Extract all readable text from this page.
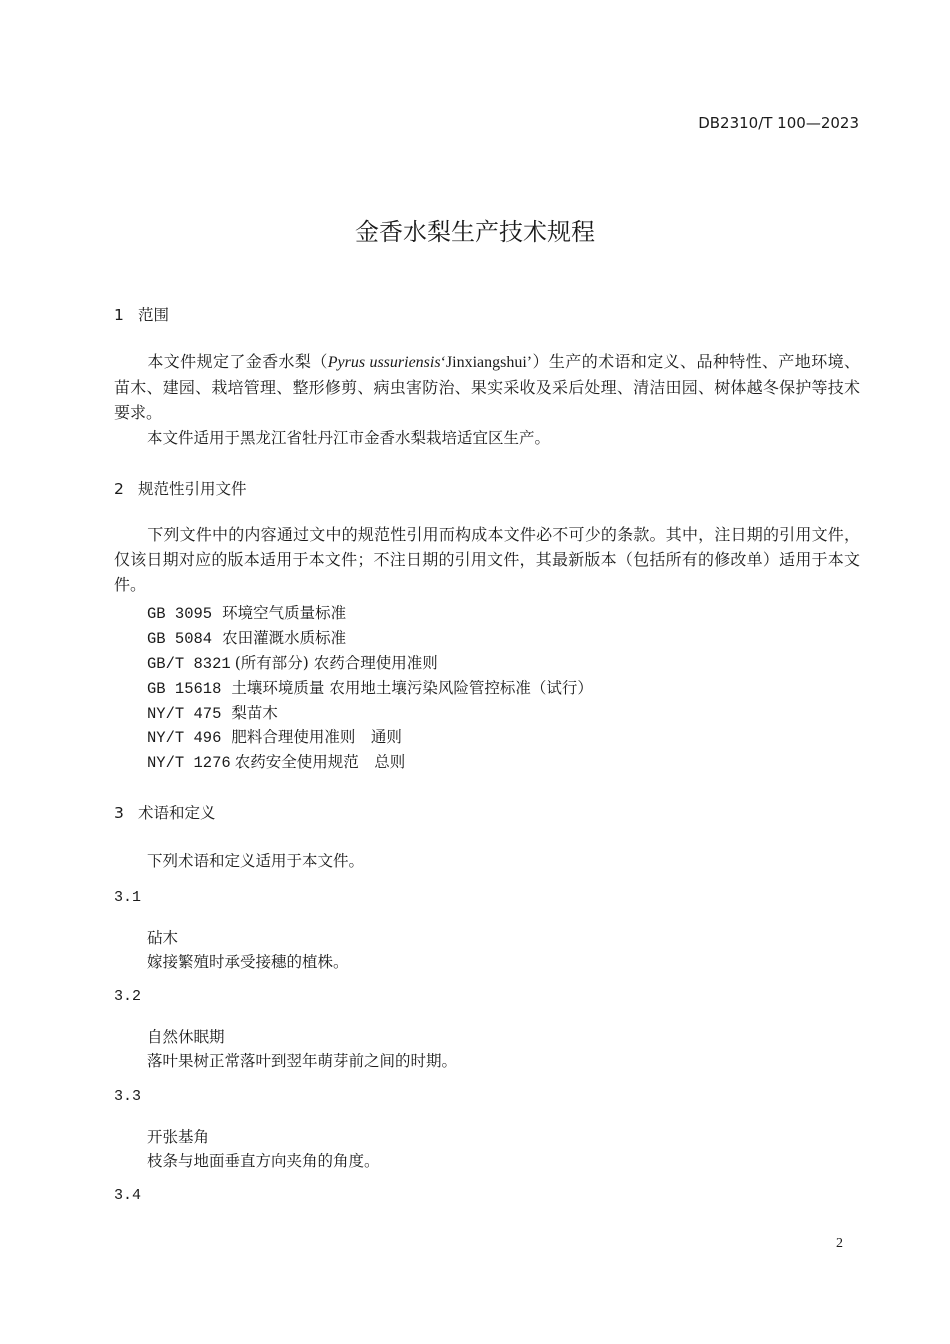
DB2310/T 100—2023
金香水梨生产技术规程
1 范围
本文件规定了金香水梨（Pyrus ussuriensis‘Jinxiangshui’）生产的术语和定义、品种特性、产地环境、苗木、建园、栽培管理、整形修剪、病虫害防治、果实采收及采后处理、清洁田园、树体越冬保护等技术要求。
本文件适用于黑龙江省牡丹江市金香水梨栽培适宜区生产。
2 规范性引用文件
下列文件中的内容通过文中的规范性引用而构成本文件必不可少的条款。其中，注日期的引用文件，仅该日期对应的版本适用于本文件；不注日期的引用文件，其最新版本（包括所有的修改单）适用于本文件。
GB 3095 环境空气质量标准
GB 5084 农田灌溉水质标准
GB/T 8321 (所有部分) 农药合理使用准则
GB 15618 土壤环境质量 农用地土壤污染风险管控标准（试行）
NY/T 475 梨苗木
NY/T 496 肥料合理使用准则　通则
NY/T 1276 农药安全使用规范　总则
3 术语和定义
下列术语和定义适用于本文件。
3.1
砧木
嫁接繁殖时承受接穗的植株。
3.2
自然休眠期
落叶果树正常落叶到翌年萌芽前之间的时期。
3.3
开张基角
枝条与地面垂直方向夹角的角度。
3.4
2
